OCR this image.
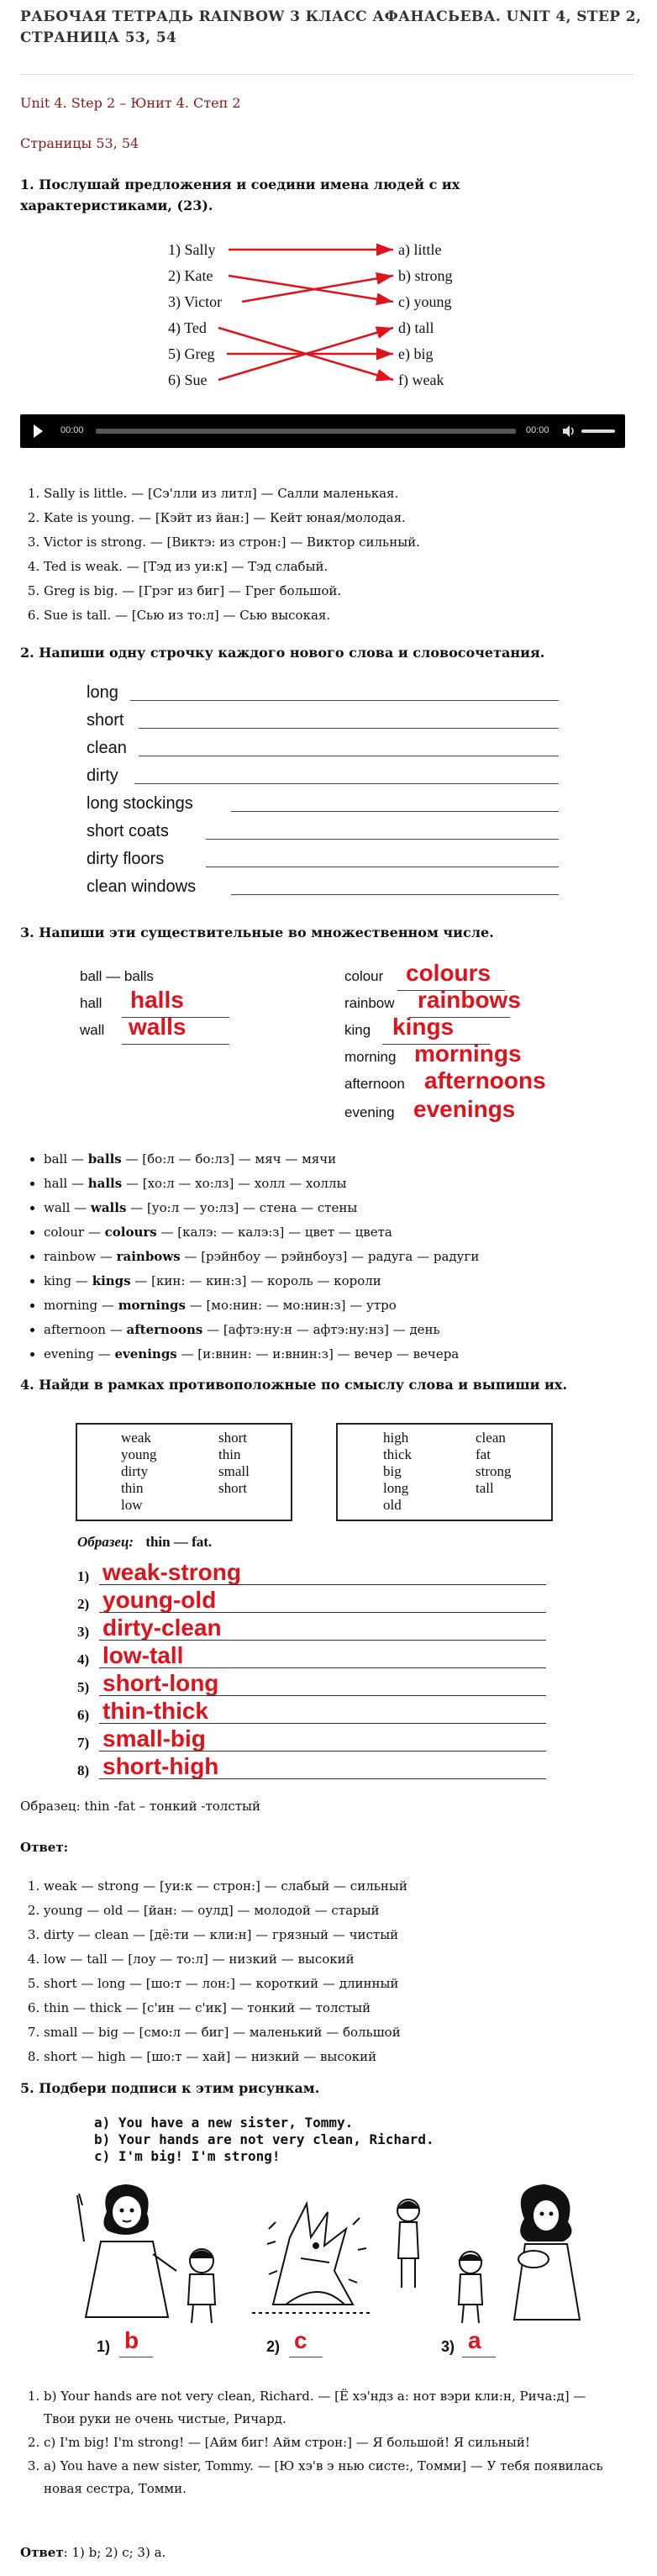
РАБОЧАЯ ТЕТРАДЬ RAINBOW 3 КЛАСС АФАНАСЬЕВА. UNIT 4, STEP 2, СТРАНИЦА 53, 54
Unit 4. Step 2 – Юнит 4. Степ 2
Страницы 53, 54
1. Послушай предложения и соедини имена людей с их характеристиками, (23).
1) Sally
2) Kate
3) Victor
4) Ted
5) Greg
6) Sue
a) little
b) strong
c) young
d) tall
e) big
f) weak
00:00	00:00
1. Sally is little. — [Сэ'лли из литл] — Салли маленькая.
2. Kate is young. — [Кэйт из йан:] — Кейт юная/молодая.
3. Victor is strong. — [Виктэ: из строн:] — Виктор сильный.
4. Ted is weak. — [Тэд из уи:к] — Тэд слабый.
5. Greg is big. — [Грэг из биг] — Грег большой.
6. Sue is tall. — [Сью из то:л] — Сью высокая.
2. Напиши одну строчку каждого нового слова и словосочетания.
long
short
clean
dirty
long stockings
short coats
dirty floors
clean windows
3. Напиши эти существительные во множественном числе.
ball — balls
hall halls
wall walls
colour colours
rainbow rainbows
king kings
morning mornings
afternoon afternoons
evening evenings
• ball — balls — [бо:л — бо:лз] — мяч — мячи
• hall — halls — [хо:л — хо:лз] — холл — холлы
• wall — walls — [уо:л — уо:лз] — стена — стены
• colour — colours — [калэ: — калэ:з] — цвет — цвета
• rainbow — rainbows — [рэйнбоу — рэйнбоуз] — радуга — радуги
• king — kings — [кин: — кин:з] — король — короли
• morning — mornings — [мо:нин: — мо:нин:з] — утро
• afternoon — afternoons — [афтэ:ну:н — афтэ:ну:нз] — день
• evening — evenings — [и:внин: — и:внин:з] — вечер — вечера
4. Найди в рамках противоположные по смыслу слова и выпиши их.
weak
young
dirty
thin
low
short
thin
small
short
high
thick
big
long
old
clean
fat
strong
tall
Образец: thin — fat.
1) weak-strong
2) young-old
3) dirty-clean
4) low-tall
5) short-long
6) thin-thick
7) small-big
8) short-high
Образец: thin -fat – тонкий -толстый
Ответ:
1. weak — strong — [уи:к — строн:] — слабый — сильный
2. young — old — [йан: — оулд] — молодой — старый
3. dirty — clean — [дё:ти — кли:н] — грязный — чистый
4. low — tall — [лоу — то:л] — низкий — высокий
5. short — long — [шо:т — лон:] — короткий — длинный
6. thin — thick — [с'ин — с'ик] — тонкий — толстый
7. small — big — [смо:л — биг] — маленький — большой
8. short — high — [шо:т — хай] — низкий — высокий
5. Подбери подписи к этим рисункам.
a) You have a new sister, Tommy.
b) Your hands are not very clean, Richard.
c) I'm big! I'm strong!
1) b	2) c	3) a
1. b) Your hands are not very clean, Richard. — [Ё хэ'ндз а: нот вэри кли:н, Рича:д] — Твои руки не очень чистые, Ричард.
2. c) I'm big! I'm strong! — [Айм биг! Айм строн:] — Я большой! Я сильный!
3. a) You have a new sister, Tommy. — [Ю хэ'в э нью систе:, Томми] — У тебя появилась новая сестра, Томми.
Ответ: 1) b; 2) c; 3) a.
